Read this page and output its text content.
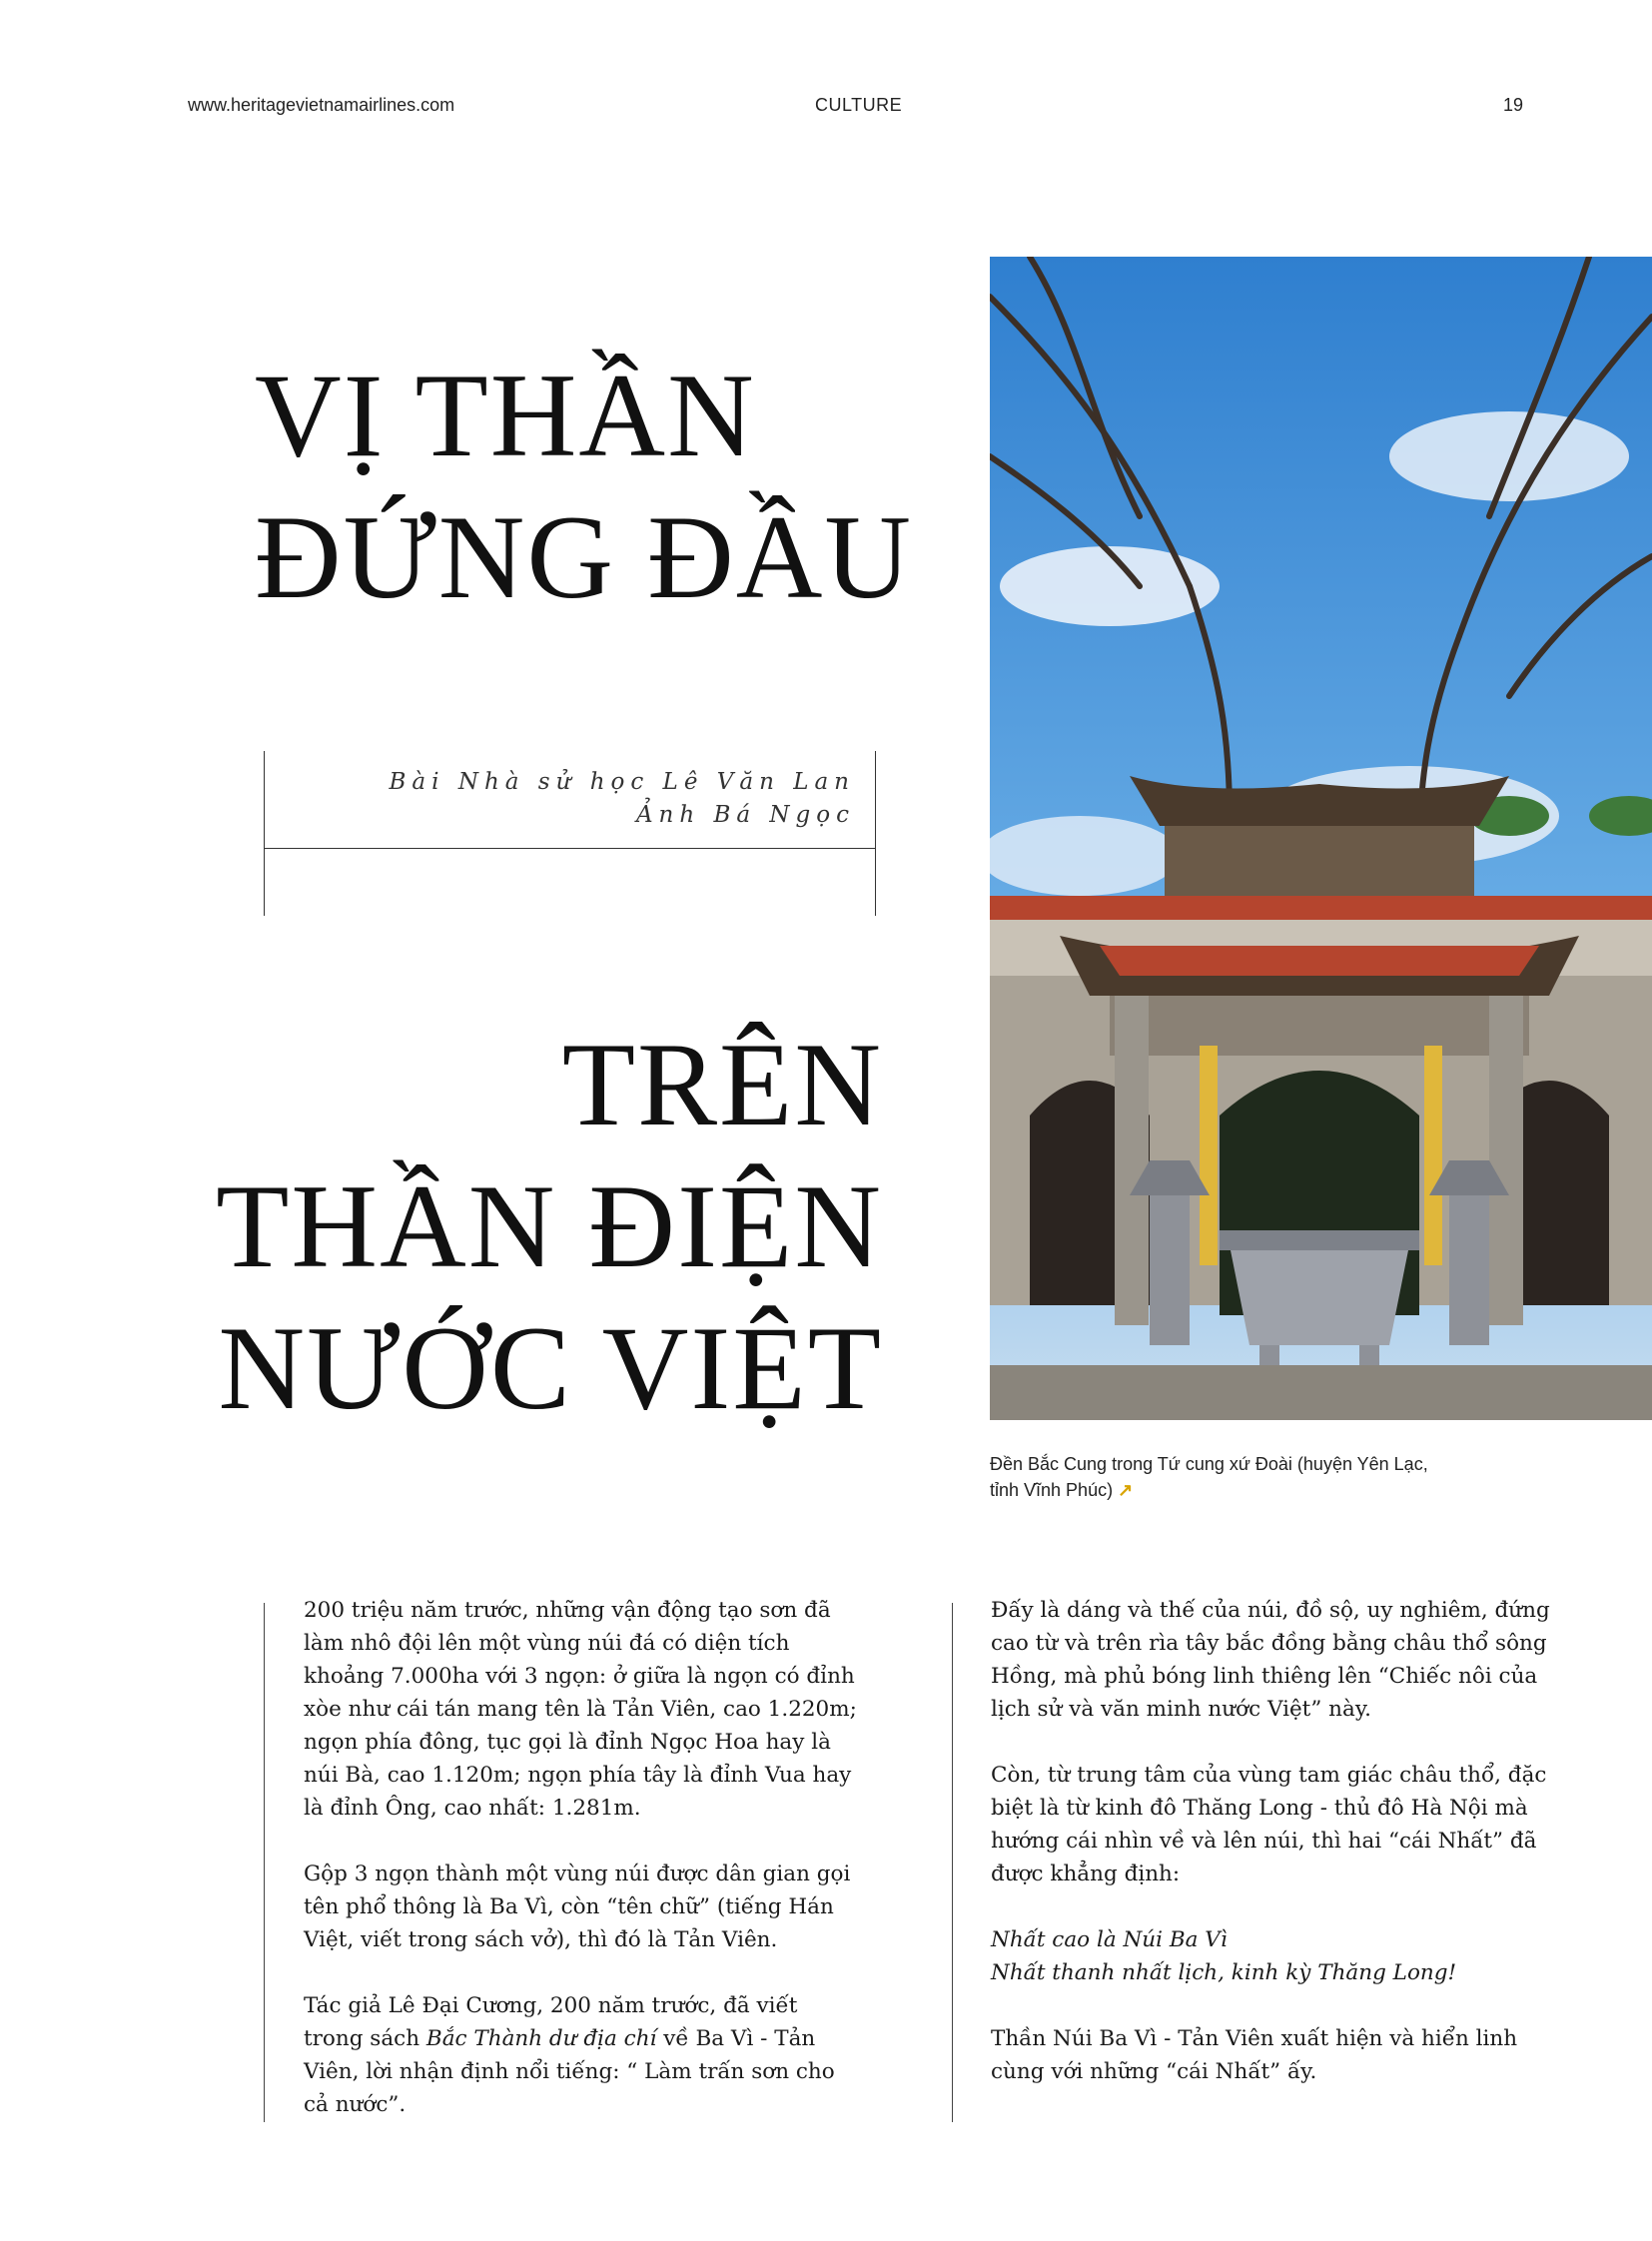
www.heritagevietnamairlines.com	CULTURE	19
VỊ THẦN
ĐỨNG ĐẦU
Bài Nhà sử học Lê Văn Lan
Ảnh Bá Ngọc
TRÊN
THẦN ĐIỆN
NƯỚC VIỆT
Đền Bắc Cung trong Tứ cung xứ Đoài (huyện Yên Lạc,
tỉnh Vĩnh Phúc) ↗

200 triệu năm trước, những vận động tạo sơn đã làm nhô đội lên một vùng núi đá có diện tích khoảng 7.000ha với 3 ngọn: ở giữa là ngọn có đỉnh xòe như cái tán mang tên là Tản Viên, cao 1.220m; ngọn phía đông, tục gọi là đỉnh Ngọc Hoa hay là núi Bà, cao 1.120m; ngọn phía tây là đỉnh Vua hay là đỉnh Ông, cao nhất: 1.281m.

Gộp 3 ngọn thành một vùng núi được dân gian gọi tên phổ thông là Ba Vì, còn “tên chữ” (tiếng Hán Việt, viết trong sách vở), thì đó là Tản Viên.

Tác giả Lê Đại Cương, 200 năm trước, đã viết trong sách Bắc Thành dư địa chí về Ba Vì - Tản Viên, lời nhận định nổi tiếng: “ Làm trấn sơn cho cả nước”.

Đấy là dáng và thế của núi, đồ sộ, uy nghiêm, đứng cao từ và trên rìa tây bắc đồng bằng châu thổ sông Hồng, mà phủ bóng linh thiêng lên “Chiếc nôi của lịch sử và văn minh nước Việt” này.

Còn, từ trung tâm của vùng tam giác châu thổ, đặc biệt là từ kinh đô Thăng Long - thủ đô Hà Nội mà hướng cái nhìn về và lên núi, thì hai “cái Nhất” đã được khẳng định:

Nhất cao là Núi Ba Vì

Nhất thanh nhất lịch, kinh kỳ Thăng Long!

Thần Núi Ba Vì - Tản Viên xuất hiện và hiển linh cùng với những “cái Nhất” ấy.
